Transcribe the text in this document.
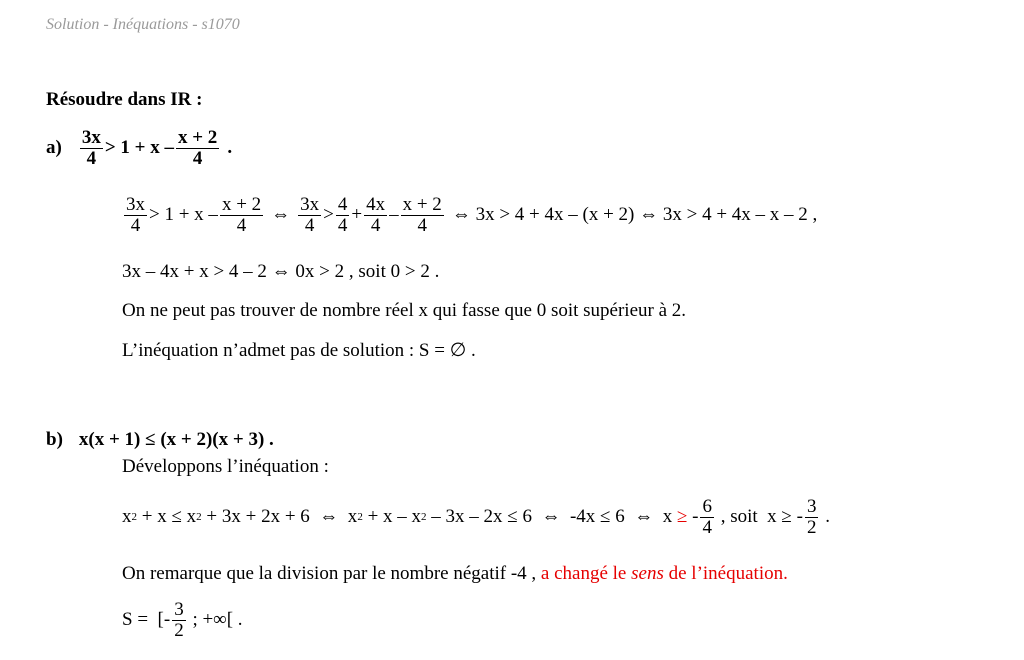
Solution - Inéquations - s1070
Résoudre dans IR :
$a) \frac{3x}{4} > 1 + x - \frac{x + 2}{4}$ .
$\frac{3x}{4} > 1 + x - \frac{x + 2}{4}$ ⇔ $\frac{3x}{4} > \frac{4}{4} + \frac{4x}{4} - \frac{x + 2}{4}$ ⇔ 3x > 4 + 4x – (x + 2) ⇔ 3x > 4 + 4x – x – 2 ,
3x – 4x + x > 4 – 2 ⇔ 0x > 2 , soit 0 > 2 .
On ne peut pas trouver de nombre réel x qui fasse que 0 soit supérieur à 2.
L’inéquation n’admet pas de solution : S = ∅ .
b) x(x + 1) ≤ (x + 2)(x + 3) .
Développons l’inéquation :
x 2 + x ≤ x 2 + 3x + 2x + 6  ⇔  x 2 + x – x 2 – 3x – 2x ≤ 6  ⇔  -4x ≤ 6  ⇔  x ≥ - $\frac{6}{4}$ , soit  x ≥ - $\frac{3}{2}$ .
On remarque que la division par le nombre négatif -4 , a changé le sens de l’inéquation.
S =  [- $\frac{3}{2}$ ; +∞[ .
